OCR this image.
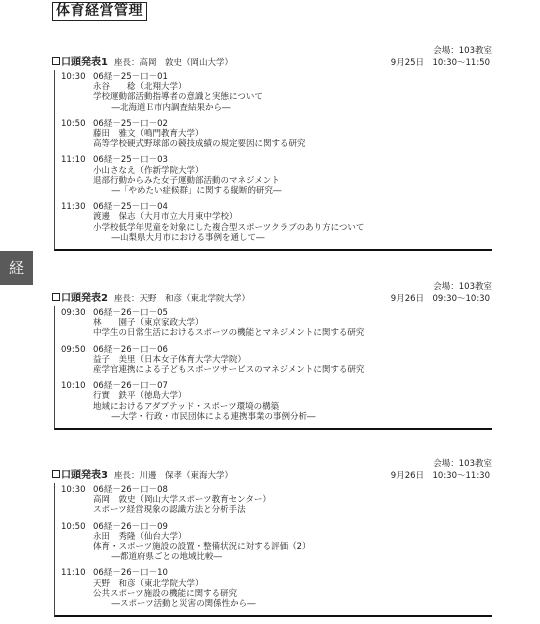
体育経営管理
経
会場：103教室
口頭発表1 座長：高岡　敦史（岡山大学）	9月25日　10:30〜11:50
10:30 06経－25－口－01
永谷　　稔（北翔大学）
学校運動部活動指導者の意識と実態について
　―北海道Ｅ市内調査結果から―
10:50 06経－25－口－02
藤田　雅文（鳴門教育大学）
高等学校硬式野球部の競技成績の規定要因に関する研究
11:10 06経－25－口－03
小山さなえ（作新学院大学）
退部行動からみた女子運動部活動のマネジメント
　―「やめたい症候群」に関する縦断的研究―
11:30 06経－25－口－04
渡邊　保志（大月市立大月東中学校）
小学校低学年児童を対象にした複合型スポーツクラブのあり方について
　―山梨県大月市における事例を通して―
会場：103教室
口頭発表2 座長：天野　和彦（東北学院大学）	9月26日　09:30〜10:30
09:30 06経－26－口－05
林　　園子（東京家政大学）
中学生の日常生活におけるスポーツの機能とマネジメントに関する研究
09:50 06経－26－口－06
益子　美里（日本女子体育大学大学院）
産学官連携による子どもスポーツサービスのマネジメントに関する研究
10:10 06経－26－口－07
行實　鉄平（徳島大学）
地域におけるアダプテッド・スポーツ環境の構築
　―大学・行政・市民団体による連携事業の事例分析―
会場：103教室
口頭発表3 座長：川邊　保孝（東海大学）	9月26日　10:30〜11:30
10:30 06経－26－口－08
高岡　敦史（岡山大学スポーツ教育センター）
スポーツ経営現象の認識方法と分析手法
10:50 06経－26－口－09
永田　秀隆（仙台大学）
体育・スポーツ施設の設置・整備状況に対する評価（2）
　―都道府県ごとの地域比較―
11:10 06経－26－口－10
天野　和彦（東北学院大学）
公共スポーツ施設の機能に関する研究
　―スポーツ活動と災害の関係性から―
